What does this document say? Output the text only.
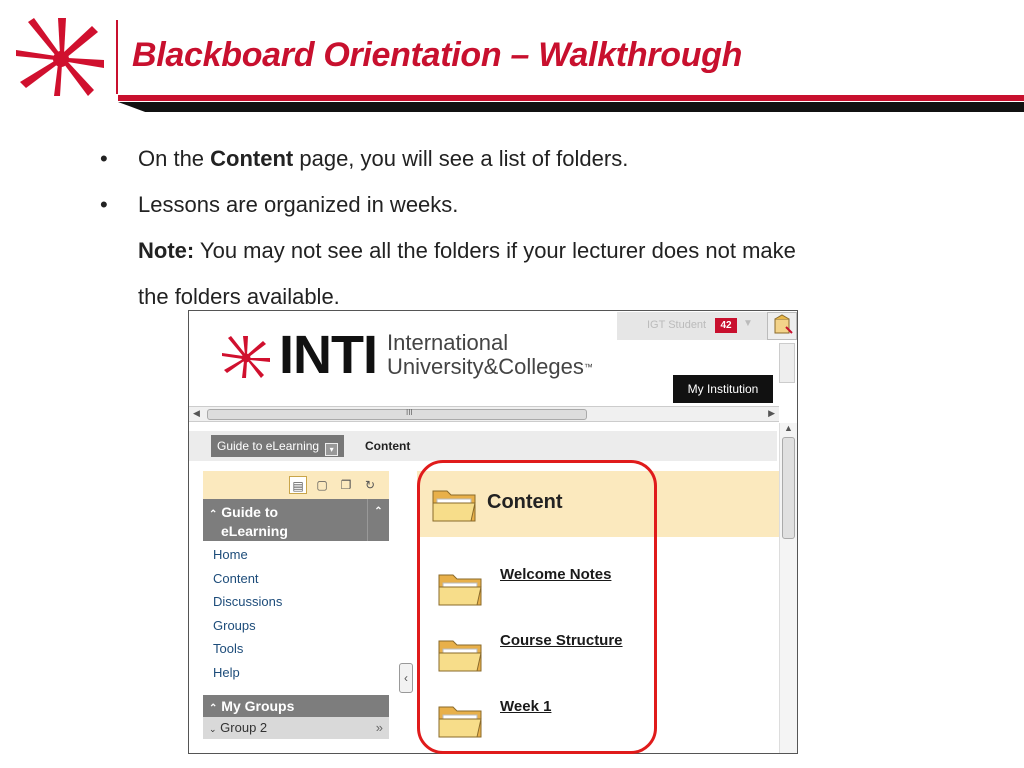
Blackboard Orientation – Walkthrough
• On the Content page, you will see a list of folders.
• Lessons are organized in weeks.
Note: You may not see all the folders if your lecturer does not make
the folders available.
INTI International
University&Colleges™
IGT Student	42	▼
My Institution
◀	III	▶
Guide to eLearning ▾	Content
▲
▤ ▢	❐	↻
⌃ Guide to
eLearning
⌃
Home
Content
Discussions
Groups
Tools
Help
⌃ My Groups
⌄ Group 2	»
‹
Content
Welcome Notes
Course Structure
Week 1
